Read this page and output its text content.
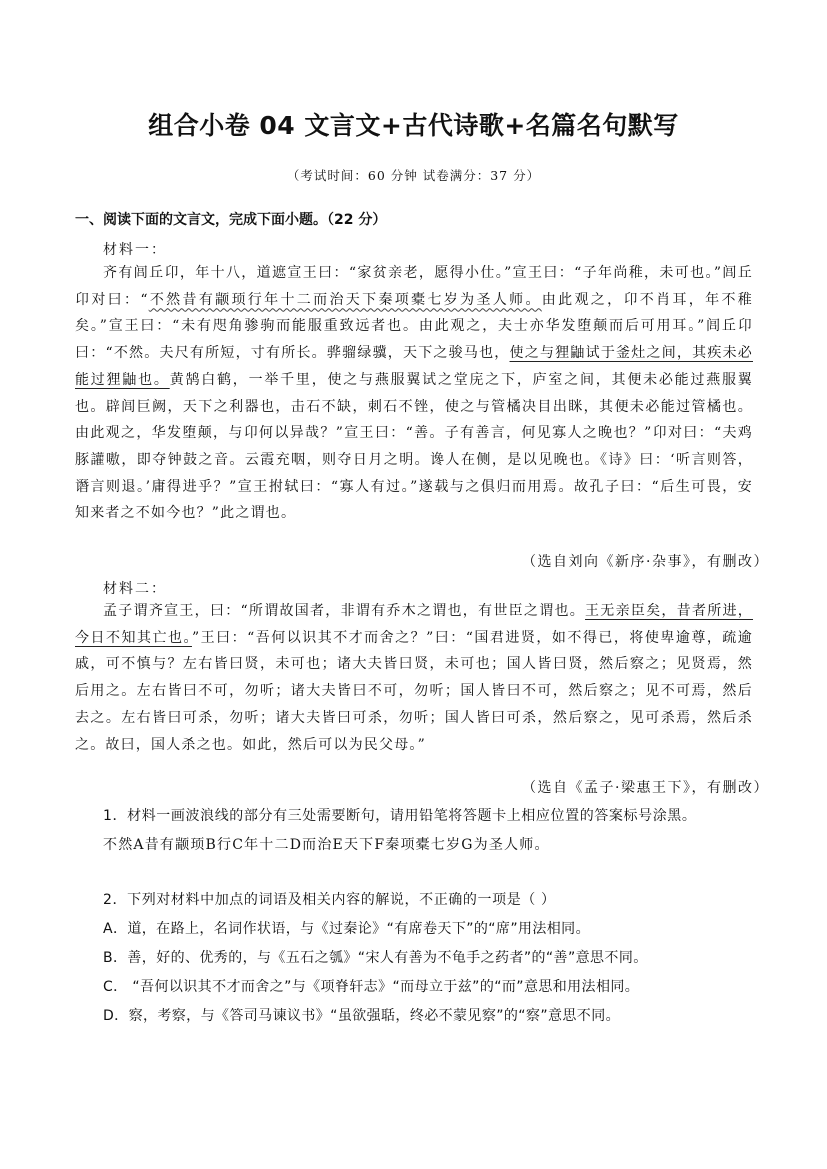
组合小卷 04 文言文+古代诗歌+名篇名句默写
（考试时间：60 分钟 试卷满分：37 分）
一、阅读下面的文言文，完成下面小题。（22 分）
材料一：
齐有闾丘卬，年十八，道遮宣王曰：“家贫亲老，愿得小仕。”宣王曰：“子年尚稚，未可也。”闾丘卬对曰：“不然昔有颛顼行年十二而治天下秦项橐七岁为圣人师。由此观之，卬不肖耳，年不稚矣。”宣王曰：“未有咫角骖驹而能服重致远者也。由此观之，夫士亦华发堕颠而后可用耳。”闾丘卬曰：“不然。夫尺有所短，寸有所长。骅骝绿骥，天下之骏马也，使之与狸鼬试于釜灶之间，其疾未必能过狸鼬也。黄鹄白鹤，一举千里，使之与燕服翼试之堂庑之下，庐室之间，其便未必能过燕服翼也。辟闾巨阙，天下之利器也，击石不缺，刺石不锉，使之与管橘决目出眯，其便未必能过管橘也。由此观之，华发堕颠，与卬何以异哉？”宣王曰：“善。子有善言，何见寡人之晚也？”卬对曰：“夫鸡豚讙嗷，即夺钟鼓之音。云霞充咽，则夺日月之明。谗人在侧，是以见晚也。《诗》曰：‘听言则答，谮言则退。’庸得进乎？”宣王拊轼曰：“寡人有过。”遂载与之俱归而用焉。故孔子曰：“后生可畏，安知来者之不如今也？”此之谓也。
（选自刘向《新序·杂事》，有删改）
材料二：
孟子谓齐宣王，曰：“所谓故国者，非谓有乔木之谓也，有世臣之谓也。王无亲臣矣，昔者所进，今日不知其亡也。”王曰：“吾何以识其不才而舍之？”曰：“国君进贤，如不得已，将使卑逾尊，疏逾戚，可不慎与？左右皆曰贤，未可也；诸大夫皆曰贤，未可也；国人皆曰贤，然后察之；见贤焉，然后用之。左右皆曰不可，勿听；诸大夫皆曰不可，勿听；国人皆曰不可，然后察之；见不可焉，然后去之。左右皆曰可杀，勿听；诸大夫皆曰可杀，勿听；国人皆曰可杀，然后察之，见可杀焉，然后杀之。故曰，国人杀之也。如此，然后可以为民父母。”
（选自《孟子·梁惠王下》，有删改）
1．材料一画波浪线的部分有三处需要断句，请用铅笔将答题卡上相应位置的答案标号涂黑。
不然A昔有颛顼B行C年十二D而治E天下F秦项橐七岁G为圣人师。
2．下列对材料中加点的词语及相关内容的解说，不正确的一项是（ ）
A．道，在路上，名词作状语，与《过秦论》“有席卷天下”的“席”用法相同。
B．善，好的、优秀的，与《五石之瓠》“宋人有善为不龟手之药者”的“善”意思不同。
C． “吾何以识其不才而舍之”与《项脊轩志》“而母立于兹”的“而”意思和用法相同。
D．察，考察，与《答司马谏议书》“虽欲强聒，终必不蒙见察”的“察”意思不同。
